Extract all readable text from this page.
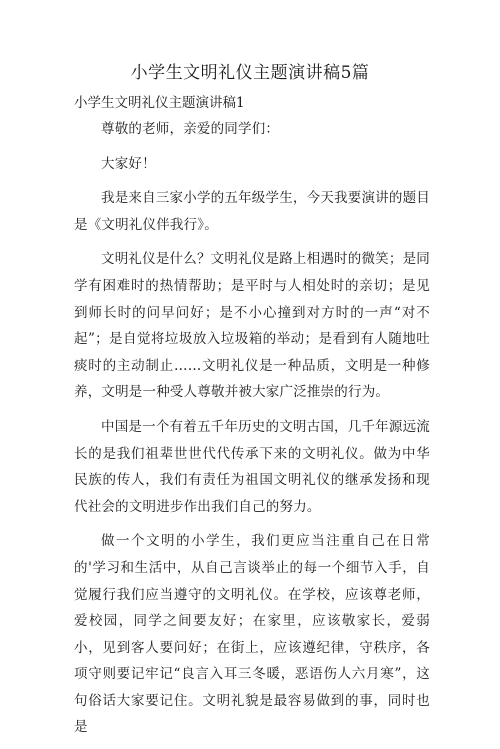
小学生文明礼仪主题演讲稿5篇
小学生文明礼仪主题演讲稿1

尊敬的老师，亲爱的同学们：

大家好！

我是来自三家小学的五年级学生，今天我要演讲的题目是《文明礼仪伴我行》。

文明礼仪是什么？文明礼仪是路上相遇时的微笑；是同学有困难时的热情帮助；是平时与人相处时的亲切；是见到师长时的问早问好；是不小心撞到对方时的一声“对不起”；是自觉将垃圾放入垃圾箱的举动；是看到有人随地吐痰时的主动制止……文明礼仪是一种品质，文明是一种修养，文明是一种受人尊敬并被大家广泛推崇的行为。

中国是一个有着五千年历史的文明古国，几千年源远流长的是我们祖辈世世代代传承下来的文明礼仪。做为中华民族的传人，我们有责任为祖国文明礼仪的继承发扬和现代社会的文明进步作出我们自己的努力。

做一个文明的小学生，我们更应当注重自己在日常的'学习和生活中，从自己言谈举止的每一个细节入手，自觉履行我们应当遵守的文明礼仪。在学校，应该尊老师，爱校园，同学之间要友好；在家里，应该敬家长，爱弱小，见到客人要问好；在街上，应该遵纪律，守秩序，各项守则要记牢记“良言入耳三冬暖，恶语伤人六月寒”，这句俗话大家要记住。文明礼貌是最容易做到的事，同时也是
